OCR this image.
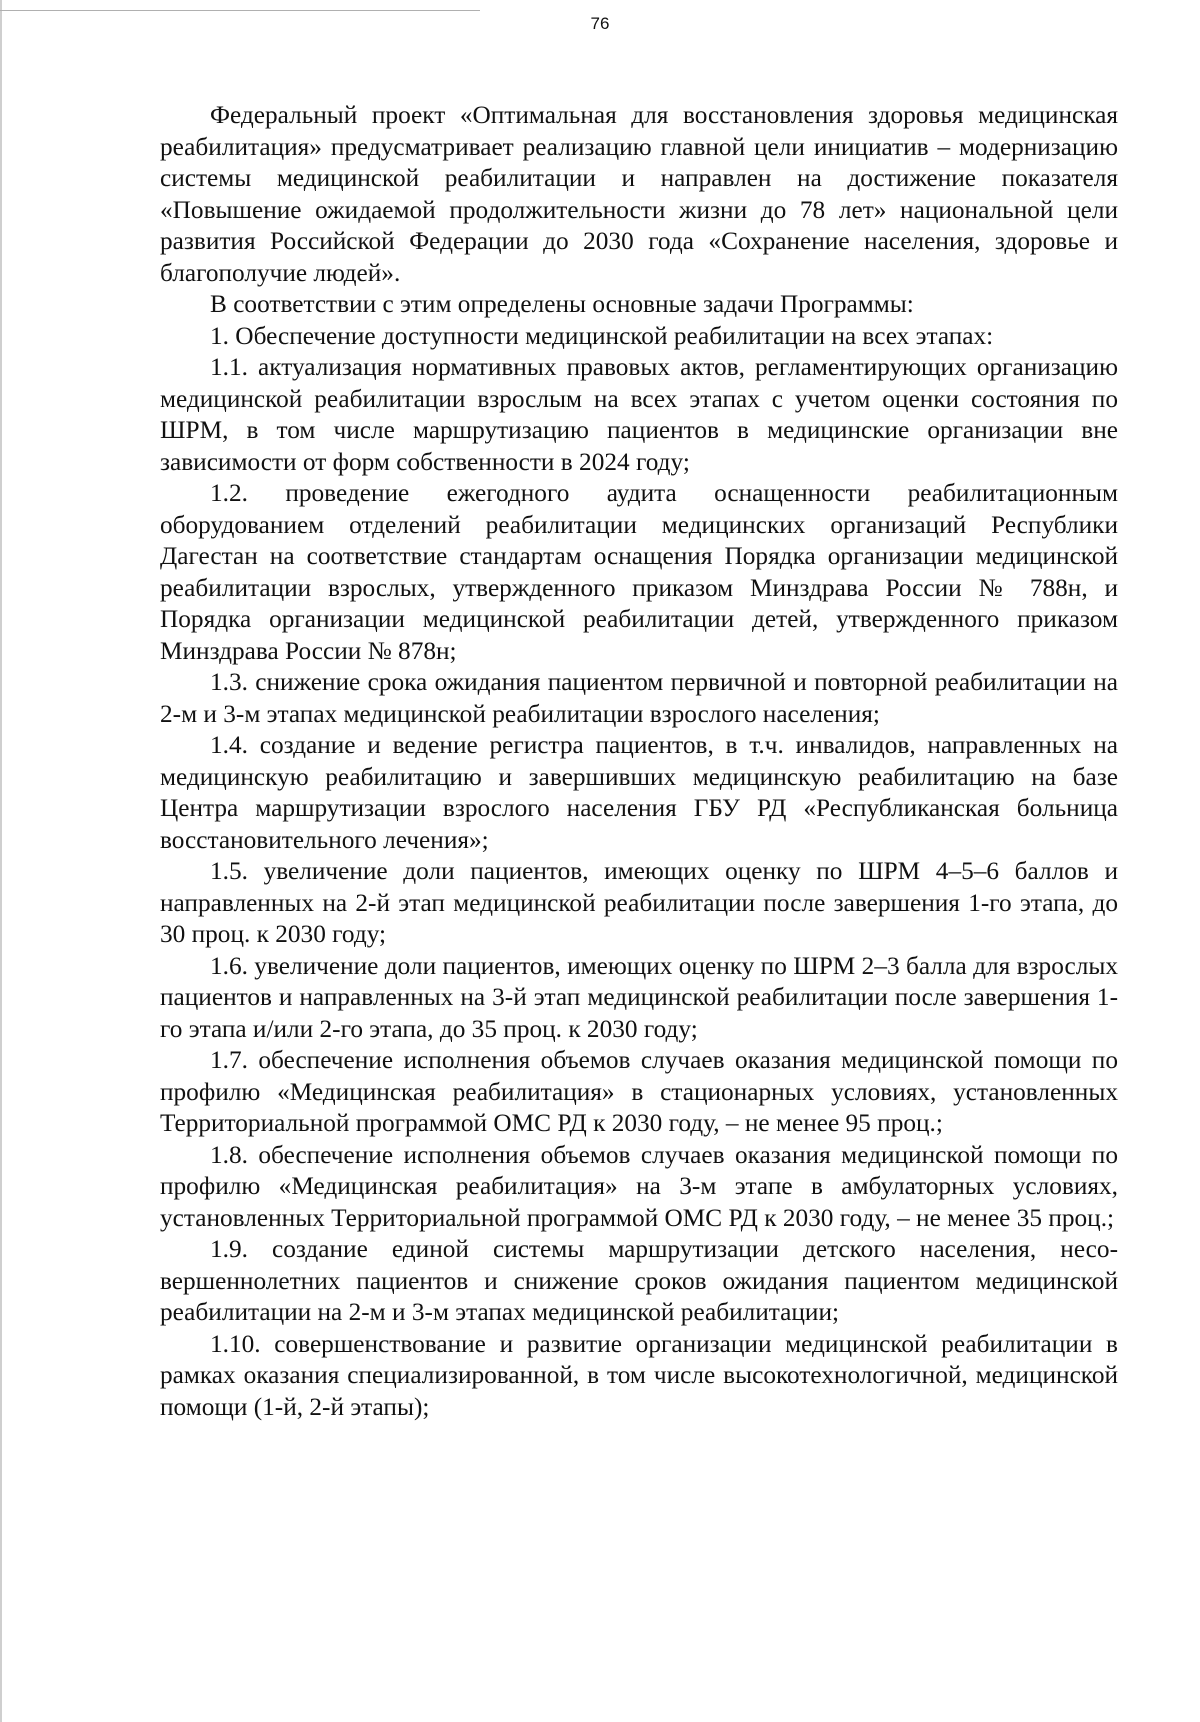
76

Федеральный проект «Оптимальная для восстановления здоровья медицинская реабилитация» предусматривает реализацию главной цели инициатив – модернизацию системы медицинской реабилитации и направлен на достижение показателя «Повышение ожидаемой продолжительности жизни до 78 лет» национальной цели развития Российской Федерации до 2030 года «Сохранение населения, здоровье и благополучие людей».

В соответствии с этим определены основные задачи Программы:

1. Обеспечение доступности медицинской реабилитации на всех этапах:

1.1. актуализация нормативных правовых актов, регламентирующих организацию медицинской реабилитации взрослым на всех этапах с учетом оценки состояния по ШРМ, в том числе маршрутизацию пациентов в медицинские организации вне зависимости от форм собственности в 2024 году;

1.2. проведение ежегодного аудита оснащенности реабилитационным оборудованием отделений реабилитации медицинских организаций Республики Дагестан на соответствие стандартам оснащения Порядка организации медицинской реабилитации взрослых, утвержденного приказом Минздрава России № 788н, и Порядка организации медицинской реабилитации детей, утвержденного приказом Минздрава России № 878н;

1.3. снижение срока ожидания пациентом первичной и повторной реабилитации на 2-м и 3-м этапах медицинской реабилитации взрослого населения;

1.4. создание и ведение регистра пациентов, в т.ч. инвалидов, направленных на медицинскую реабилитацию и завершивших медицинскую реабилитацию на базе Центра маршрутизации взрослого населения ГБУ РД «Республиканская больница восстановительного лечения»;

1.5. увеличение доли пациентов, имеющих оценку по ШРМ 4–5–6 баллов и направленных на 2-й этап медицинской реабилитации после завершения 1-го этапа, до 30 проц. к 2030 году;

1.6. увеличение доли пациентов, имеющих оценку по ШРМ 2–3 балла для взрослых пациентов и направленных на 3-й этап медицинской реабилитации после завершения 1-го этапа и/или 2-го этапа, до 35 проц. к 2030 году;

1.7. обеспечение исполнения объемов случаев оказания медицинской помощи по профилю «Медицинская реабилитация» в стационарных условиях, установленных Территориальной программой ОМС РД к 2030 году, – не менее 95 проц.;

1.8. обеспечение исполнения объемов случаев оказания медицинской помощи по профилю «Медицинская реабилитация» на 3-м этапе в амбулаторных условиях, установленных Территориальной программой ОМС РД к 2030 году, – не менее 35 проц.;

1.9. создание единой системы маршрутизации детского населения, несовершеннолетних пациентов и снижение сроков ожидания пациентом медицинской реабилитации на 2-м и 3-м этапах медицинской реабилитации;

1.10. совершенствование и развитие организации медицинской реабилитации в рамках оказания специализированной, в том числе высокотехнологичной, медицинской помощи (1-й, 2-й этапы);
